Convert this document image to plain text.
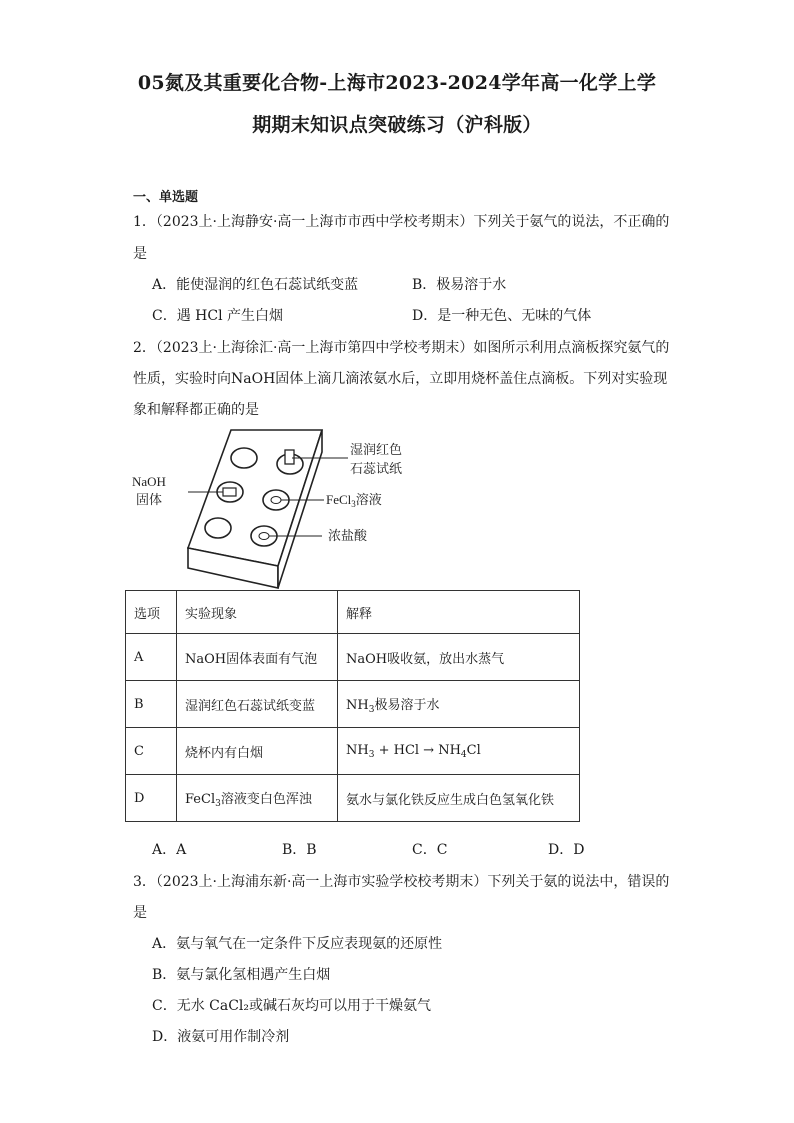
05氮及其重要化合物-上海市2023-2024学年高一化学上学
期期末知识点突破练习（沪科版）
一、单选题
1．（2023上·上海静安·高一上海市市西中学校考期末）下列关于氨气的说法，不正确的
是
A．能使湿润的红色石蕊试纸变蓝	B．极易溶于水
C．遇 HCl 产生白烟	D．是一种无色、无味的气体
2．（2023上·上海徐汇·高一上海市第四中学校考期末）如图所示利用点滴板探究氨气的
性质，实验时向NaOH固体上滴几滴浓氨水后，立即用烧杯盖住点滴板。下列对实验现
象和解释都正确的是
NaOH
固体
湿润红色
石蕊试纸
FeCl$_3$溶液
浓盐酸
选项	实验现象	解释
A	NaOH固体表面有气泡	NaOH吸收氨，放出水蒸气
B	湿润红色石蕊试纸变蓝	$NH_3$极易溶于水
C	烧杯内有白烟	$NH_3$ + HCl → $NH_4Cl$
D	FeCl$_3$溶液变白色浑浊	氨水与氯化铁反应生成白色氢氧化铁
A．A	B．B	C．C	D．D
3．（2023上·上海浦东新·高一上海市实验学校校考期末）下列关于氨的说法中，错误的
是
A．氨与氧气在一定条件下反应表现氨的还原性
B．氨与氯化氢相遇产生白烟
C．无水 CaCl₂或碱石灰均可以用于干燥氨气
D．液氨可用作制冷剂
